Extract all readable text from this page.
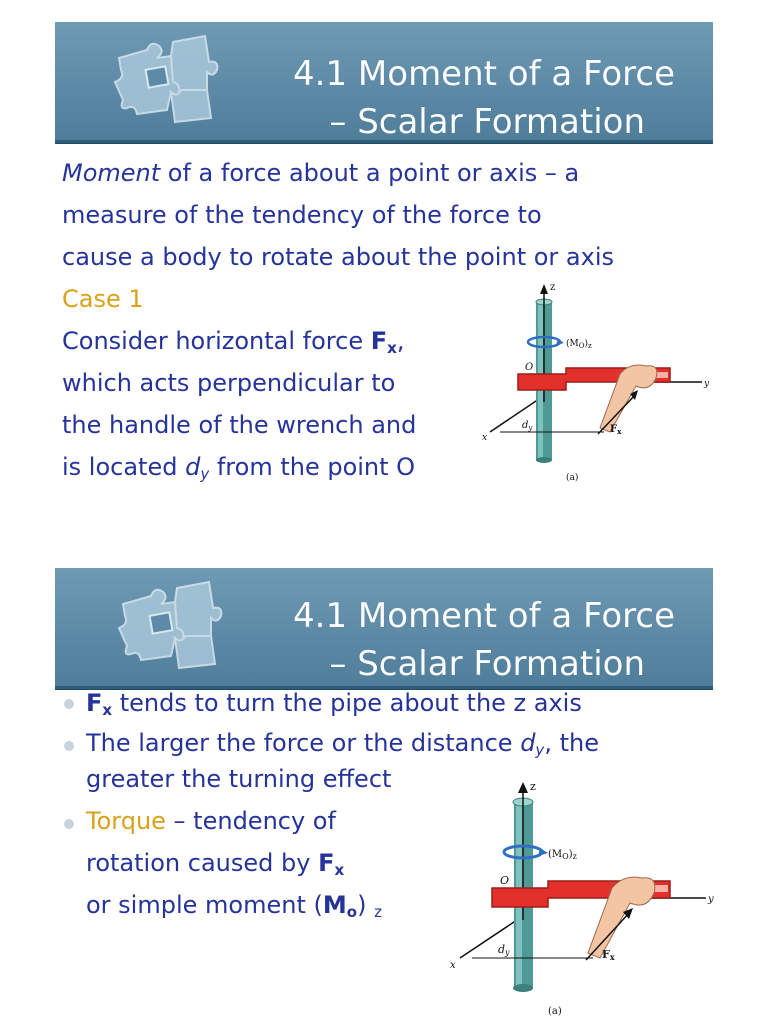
4.1 Moment of a Force
– Scalar Formation
Moment of a force about a point or axis – a
measure of the tendency of the force to
cause a body to rotate about the point or axis
Case 1
Consider horizontal force $F_x$,
which acts perpendicular to
the handle of the wrench and
is located $d_y$ from the point O
z
$(M_O)_z$
O
y
x
$d_y$	$F_x$
(a)
4.1 Moment of a Force
– Scalar Formation
$F_x$ tends to turn the pipe about the z axis
The larger the force or the distance $d_y$, the
greater the turning effect
Torque – tendency of
rotation caused by $F_x$
or simple moment $(M_o)$ $_z$
z
$(M_O)_z$
O
y
x
dy	Fx
(a)
